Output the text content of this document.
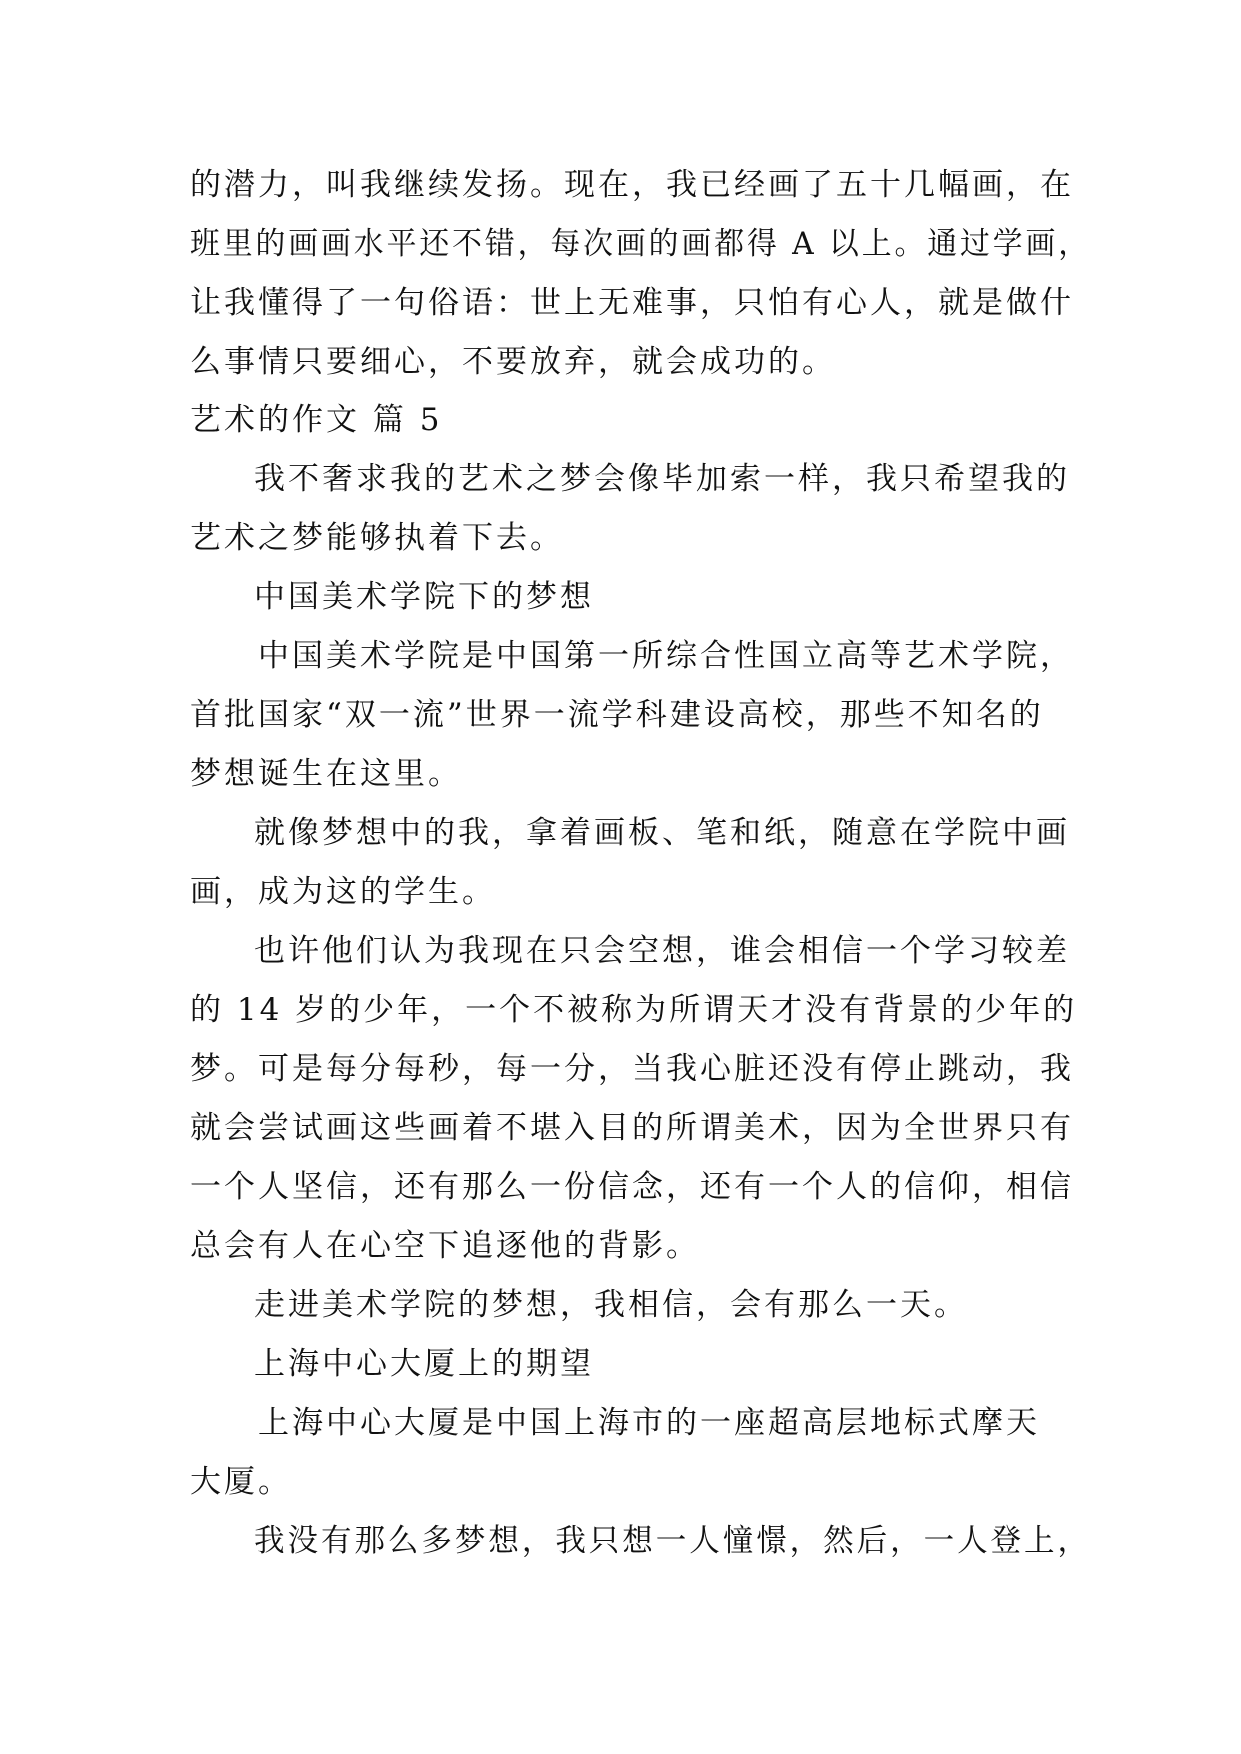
的潜力，叫我继续发扬。现在，我已经画了五十几幅画，在
班里的画画水平还不错，每次画的画都得 A 以上。通过学画，
让我懂得了一句俗语：世上无难事，只怕有心人，就是做什
么事情只要细心，不要放弃，就会成功的。
艺术的作文 篇 5
我不奢求我的艺术之梦会像毕加索一样，我只希望我的
艺术之梦能够执着下去。
中国美术学院下的梦想
中国美术学院是中国第一所综合性国立高等艺术学院，
首批国家“双一流”世界一流学科建设高校，那些不知名的
梦想诞生在这里。
就像梦想中的我，拿着画板、笔和纸，随意在学院中画
画，成为这的学生。
也许他们认为我现在只会空想，谁会相信一个学习较差
的 14 岁的少年，一个不被称为所谓天才没有背景的少年的
梦。可是每分每秒，每一分，当我心脏还没有停止跳动，我
就会尝试画这些画着不堪入目的所谓美术，因为全世界只有
一个人坚信，还有那么一份信念，还有一个人的信仰，相信
总会有人在心空下追逐他的背影。
走进美术学院的梦想，我相信，会有那么一天。
上海中心大厦上的期望
上海中心大厦是中国上海市的一座超高层地标式摩天
大厦。
我没有那么多梦想，我只想一人憧憬，然后，一人登上，
